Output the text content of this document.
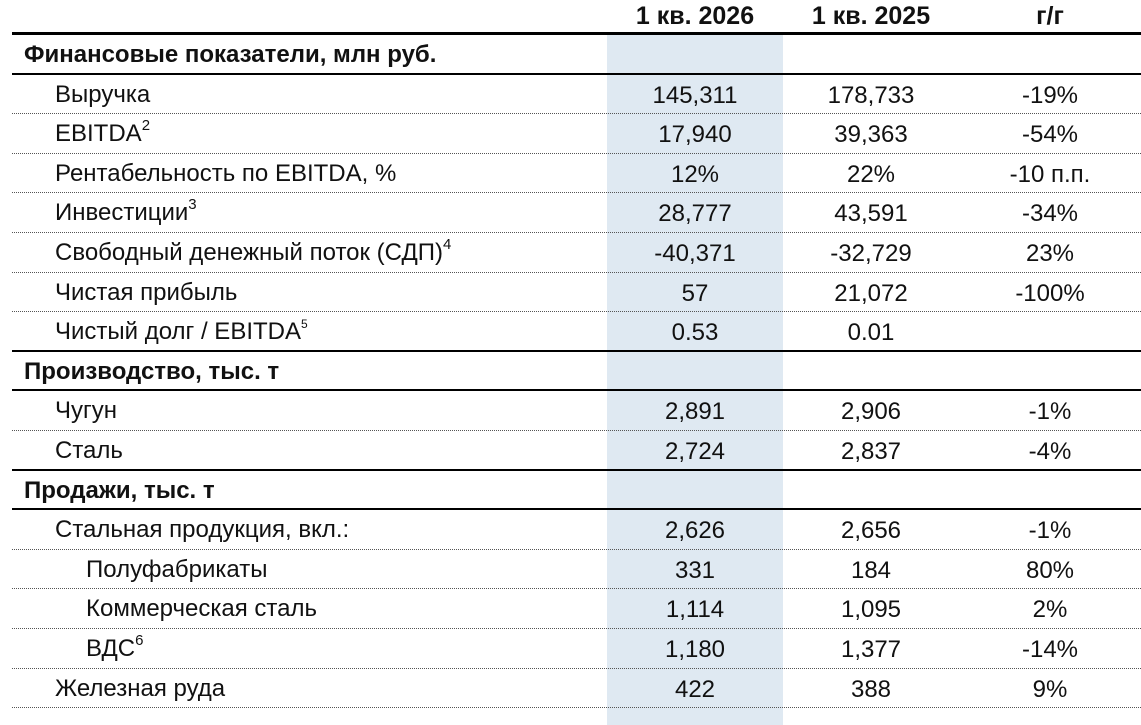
1 кв. 2026	1 кв. 2025	г/г
Финансовые показатели, млн руб.
Выручка	145,311	178,733	-19%
EBITDA$^2$	17,940	39,363	-54%
Рентабельность по EBITDA, %	12%	22%	-10 п.п.
Инвестиции$^3$	28,777	43,591	-34%
Свободный денежный поток (СДП)$^4$	-40,371	-32,729	23%
Чистая прибыль	57	21,072	-100%
Чистый долг / EBITDA$^5$	0.53	0.01
Производство, тыс. т
Чугун	2,891	2,906	-1%
Сталь	2,724	2,837	-4%
Продажи, тыс. т
Стальная продукция, вкл.:	2,626	2,656	-1%
Полуфабрикаты	331	184	80%
Коммерческая сталь	1,114	1,095	2%
ВДС$^6$	1,180	1,377	-14%
Железная руда	422	388	9%
